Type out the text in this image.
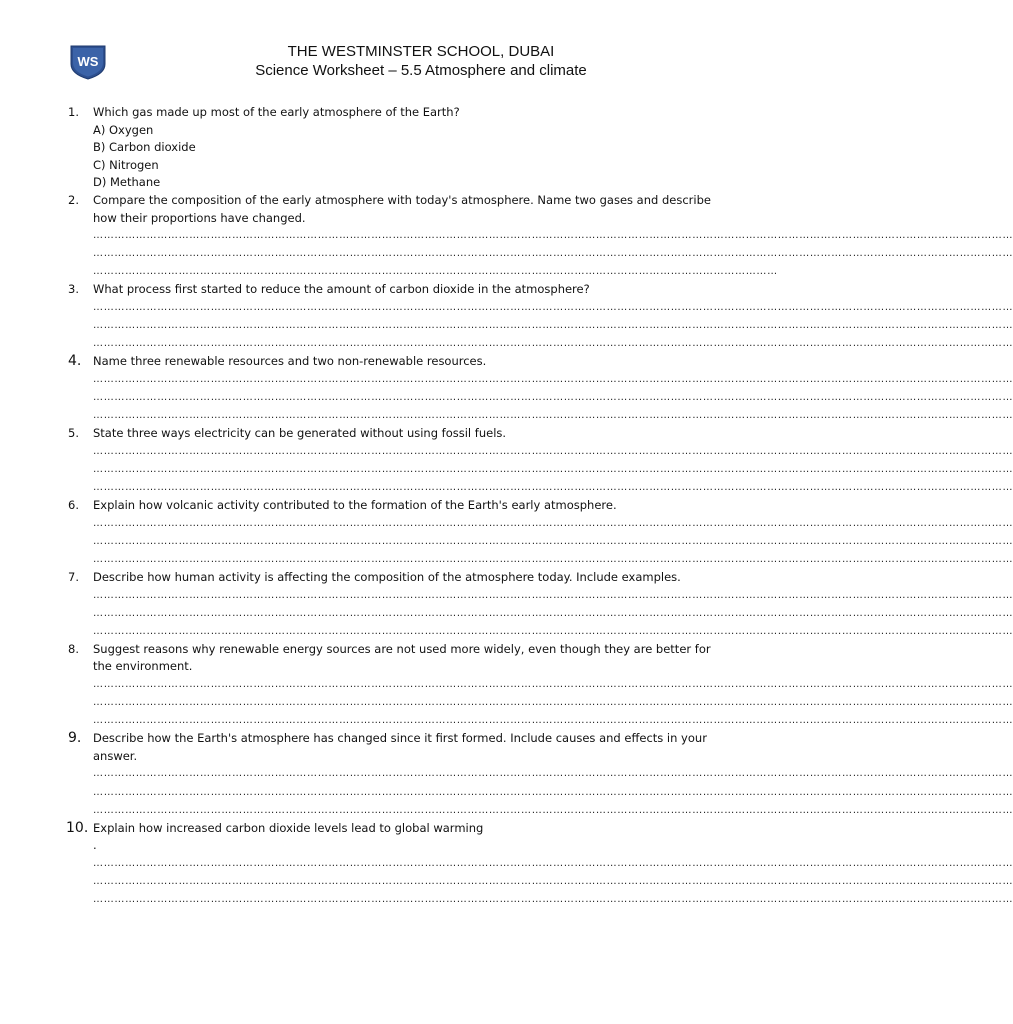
WS
THE WESTMINSTER SCHOOL, DUBAI
Science Worksheet – 5.5 Atmosphere and climate
1. Which gas made up most of the early atmosphere of the Earth?
A) Oxygen
B) Carbon dioxide
C) Nitrogen
D) Methane
2. Compare the composition of the early atmosphere with today's atmosphere. Name two gases and describe how their proportions have changed.
……………………………………………………………………………………………………………………………………………………………………………………………………………………………………
……………………………………………………………………………………………………………………………………………………………………………………………………………………………………
…………………………………………………………………………………………………………………………………………………………………………
3. What process first started to reduce the amount of carbon dioxide in the atmosphere?
……………………………………………………………………………………………………………………………………………………………………………………………………………………………………
……………………………………………………………………………………………………………………………………………………………………………………………………………………………………
……………………………………………………………………………………………………………………………………………………………………………………………………………………………………
4. Name three renewable resources and two non-renewable resources.
……………………………………………………………………………………………………………………………………………………………………………………………………………………………………
……………………………………………………………………………………………………………………………………………………………………………………………………………………………………
……………………………………………………………………………………………………………………………………………………………………………………………………………………………………
5. State three ways electricity can be generated without using fossil fuels.
……………………………………………………………………………………………………………………………………………………………………………………………………………………………………
……………………………………………………………………………………………………………………………………………………………………………………………………………………………………
……………………………………………………………………………………………………………………………………………………………………………………………………………………………………
6. Explain how volcanic activity contributed to the formation of the Earth's early atmosphere.
……………………………………………………………………………………………………………………………………………………………………………………………………………………………………
……………………………………………………………………………………………………………………………………………………………………………………………………………………………………
……………………………………………………………………………………………………………………………………………………………………………………………………………………………………
7. Describe how human activity is affecting the composition of the atmosphere today. Include examples.
……………………………………………………………………………………………………………………………………………………………………………………………………………………………………
……………………………………………………………………………………………………………………………………………………………………………………………………………………………………
……………………………………………………………………………………………………………………………………………………………………………………………………………………………………
8. Suggest reasons why renewable energy sources are not used more widely, even though they are better for the environment.
……………………………………………………………………………………………………………………………………………………………………………………………………………………………………
……………………………………………………………………………………………………………………………………………………………………………………………………………………………………
……………………………………………………………………………………………………………………………………………………………………………………………………………………………………
9. Describe how the Earth's atmosphere has changed since it first formed. Include causes and effects in your answer.
……………………………………………………………………………………………………………………………………………………………………………………………………………………………………
……………………………………………………………………………………………………………………………………………………………………………………………………………………………………
……………………………………………………………………………………………………………………………………………………………………………………………………………………………………
10. Explain how increased carbon dioxide levels lead to global warming
.
……………………………………………………………………………………………………………………………………………………………………………………………………………………………………
……………………………………………………………………………………………………………………………………………………………………………………………………………………………………
……………………………………………………………………………………………………………………………………………………………………………………………………………………………………
